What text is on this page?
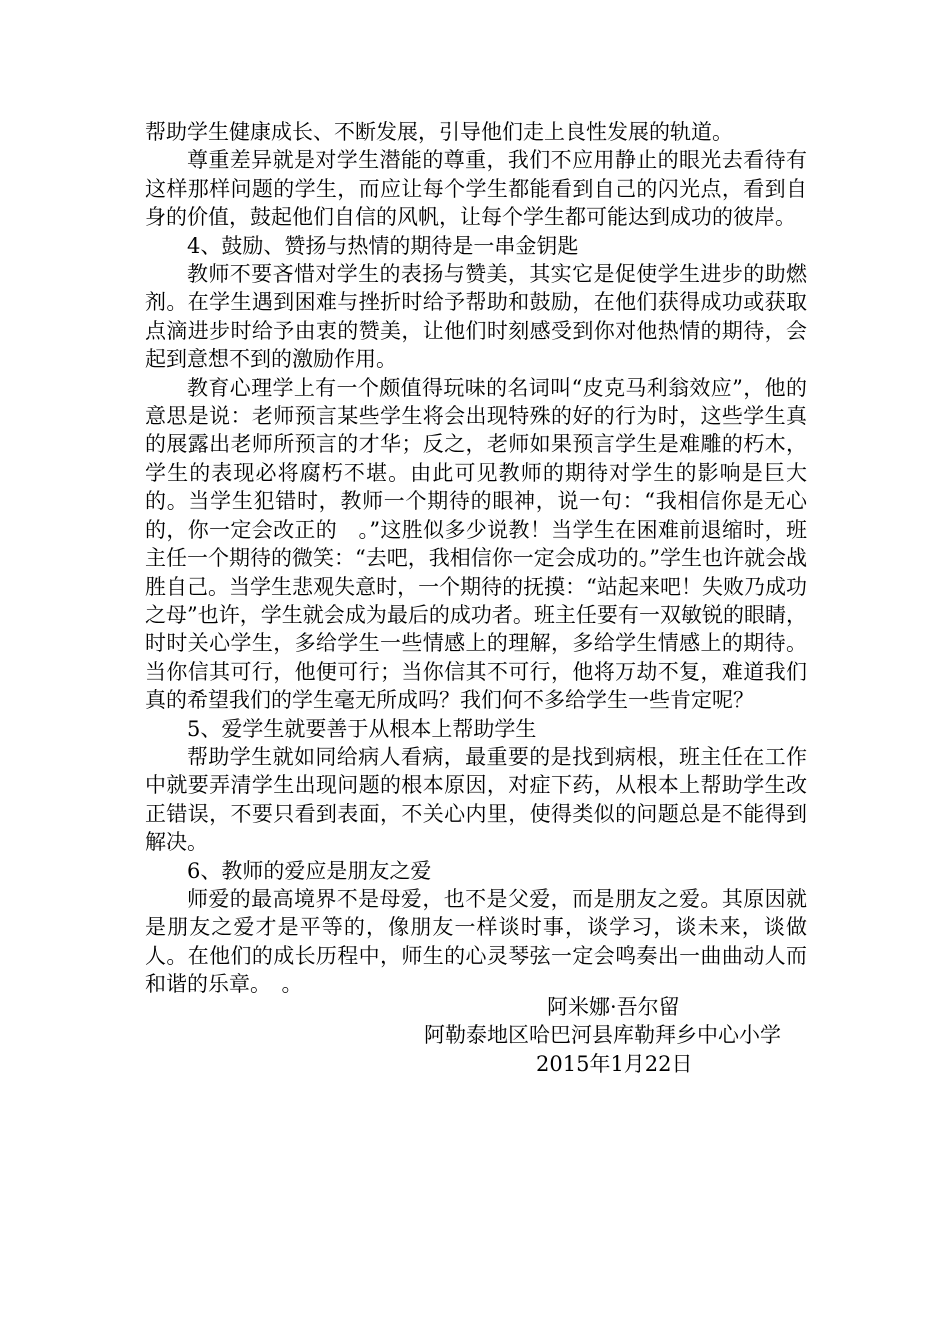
帮助学生健康成长、不断发展，引导他们走上良性发展的轨道。

尊重差异就是对学生潜能的尊重，我们不应用静止的眼光去看待有这样那样问题的学生，而应让每个学生都能看到自己的闪光点，看到自身的价值，鼓起他们自信的风帆，让每个学生都可能达到成功的彼岸。

4、鼓励、赞扬与热情的期待是一串金钥匙

教师不要吝惜对学生的表扬与赞美，其实它是促使学生进步的助燃剂。在学生遇到困难与挫折时给予帮助和鼓励，在他们获得成功或获取点滴进步时给予由衷的赞美，让他们时刻感受到你对他热情的期待，会起到意想不到的激励作用。

教育心理学上有一个颇值得玩味的名词叫“皮克马利翁效应”，他的意思是说：老师预言某些学生将会出现特殊的好的行为时，这些学生真的展露出老师所预言的才华；反之，老师如果预言学生是难雕的朽木，学生的表现必将腐朽不堪。由此可见教师的期待对学生的影响是巨大的。当学生犯错时，教师一个期待的眼神，说一句：“我相信你是无心的，你一定会改正的　。”这胜似多少说教！当学生在困难前退缩时，班主任一个期待的微笑：“去吧，我相信你一定会成功的。”学生也许就会战胜自己。当学生悲观失意时，一个期待的抚摸：“站起来吧！失败乃成功之母”也许，学生就会成为最后的成功者。班主任要有一双敏锐的眼睛，时时关心学生，多给学生一些情感上的理解，多给学生情感上的期待。当你信其可行，他便可行；当你信其不可行，他将万劫不复，难道我们真的希望我们的学生毫无所成吗？我们何不多给学生一些肯定呢？

5、爱学生就要善于从根本上帮助学生

帮助学生就如同给病人看病，最重要的是找到病根，班主任在工作中就要弄清学生出现问题的根本原因，对症下药，从根本上帮助学生改正错误，不要只看到表面，不关心内里，使得类似的问题总是不能得到解决。

6、教师的爱应是朋友之爱

师爱的最高境界不是母爱，也不是父爱，而是朋友之爱。其原因就是朋友之爱才是平等的，像朋友一样谈时事，谈学习，谈未来，谈做人。在他们的成长历程中，师生的心灵琴弦一定会鸣奏出一曲曲动人而和谐的乐章。　。

阿米娜·吾尔留
阿勒泰地区哈巴河县库勒拜乡中心小学
2015年1月22日
